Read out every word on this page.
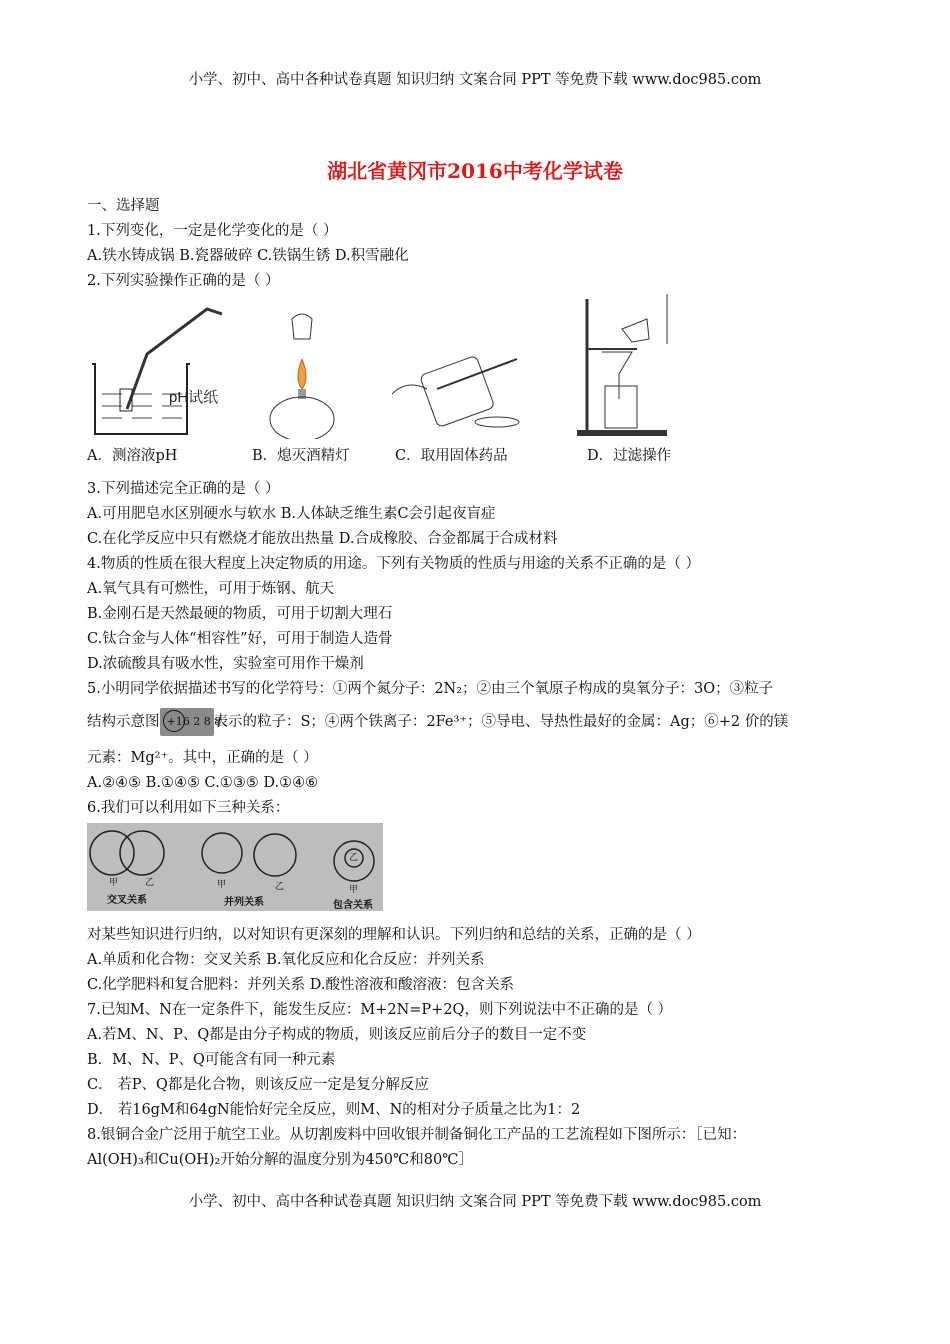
小学、初中、高中各种试卷真题 知识归纳 文案合同 PPT 等免费下载 www.doc985.com
湖北省黄冈市2016中考化学试卷
一、选择题
1.下列变化，一定是化学变化的是（ ）
A.铁水铸成锅 B.瓷器破碎 C.铁锅生锈 D.积雪融化
2.下列实验操作正确的是（ ）
pH试纸
A．测溶液pH	B．熄灭酒精灯	C．取用固体药品	D．过滤操作
3.下列描述完全正确的是（ ）
A.可用肥皂水区别硬水与软水 B.人体缺乏维生素C会引起夜盲症
C.在化学反应中只有燃烧才能放出热量 D.合成橡胶、合金都属于合成材料
4.物质的性质在很大程度上决定物质的用途。下列有关物质的性质与用途的关系不正确的是（ ）
A.氧气具有可燃性，可用于炼钢、航天
B.金刚石是天然最硬的物质，可用于切割大理石
C.钛合金与人体“相容性”好，可用于制造人造骨
D.浓硫酸具有吸水性，实验室可用作干燥剂
5.小明同学依据描述书写的化学符号：①两个氮分子：2N₂；②由三个氧原子构成的臭氧分子：3O；③粒子
结构示意图 +16 2 8 8
表示的粒子：S；④两个铁离子：2Fe³⁺；⑤导电、导热性最好的金属：Ag；⑥+2 价的镁
元素：Mg²⁺。其中，正确的是（ ）
A.②④⑤ B.①④⑤ C.①③⑤ D.①④⑥
6.我们可以利用如下三种关系：
乙
甲	乙
交叉关系
甲	乙
并列关系
甲
包含关系
对某些知识进行归纳，以对知识有更深刻的理解和认识。下列归纳和总结的关系，正确的是（ ）
A.单质和化合物：交叉关系 B.氧化反应和化合反应：并列关系
C.化学肥料和复合肥料：并列关系 D.酸性溶液和酸溶液：包含关系
7.已知M、N在一定条件下，能发生反应：M+2N=P+2Q，则下列说法中不正确的是（ ）
A.若M、N、P、Q都是由分子构成的物质，则该反应前后分子的数目一定不变
B．M、N、P、Q可能含有同一种元素
C． 若P、Q都是化合物，则该反应一定是复分解反应
D． 若16gM和64gN能恰好完全反应，则M、N的相对分子质量之比为1：2
8.银铜合金广泛用于航空工业。从切割废料中回收银并制备铜化工产品的工艺流程如下图所示：［已知：
Al(OH)₃和Cu(OH)₂开始分解的温度分别为450℃和80℃］
小学、初中、高中各种试卷真题 知识归纳 文案合同 PPT 等免费下载 www.doc985.com
